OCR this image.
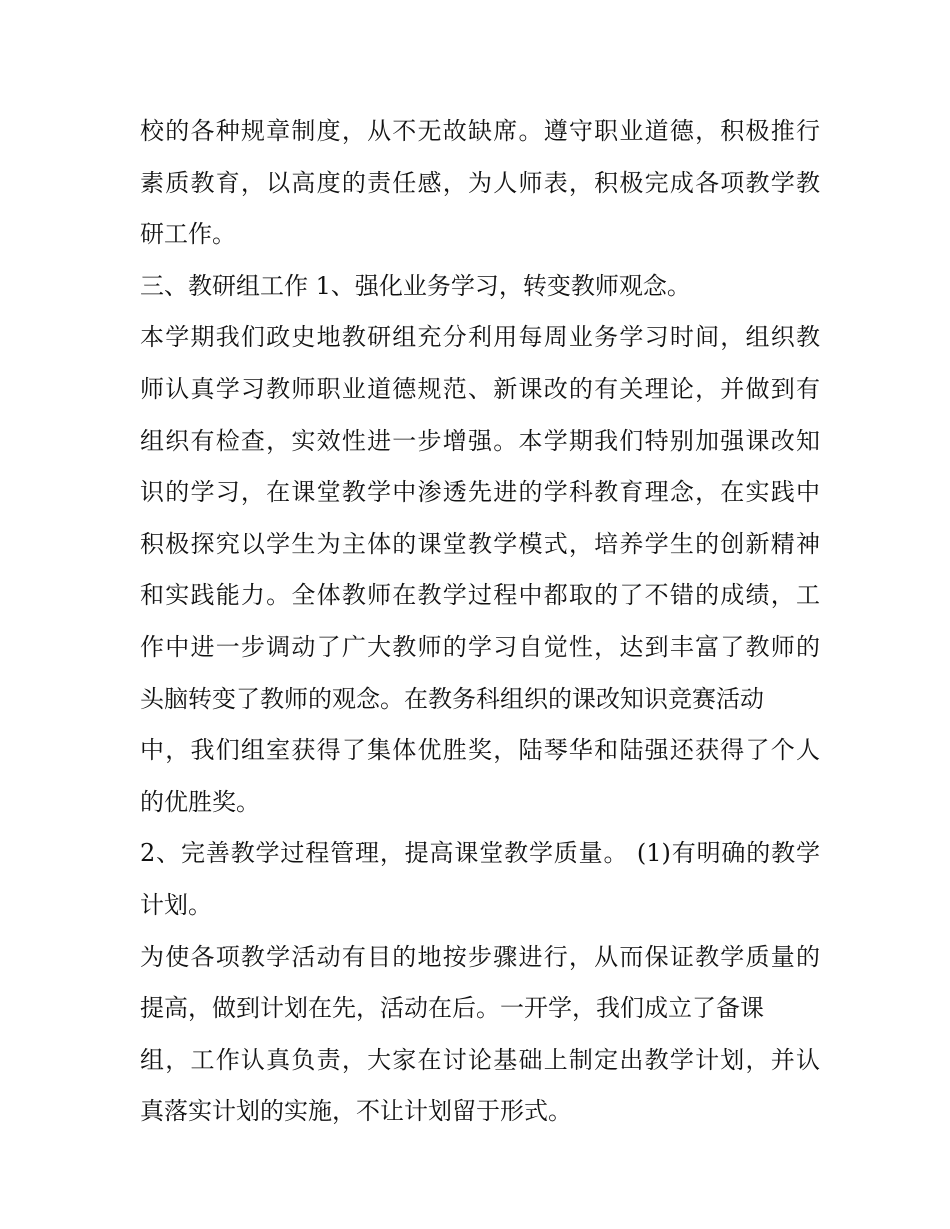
校的各种规章制度，从不无故缺席。遵守职业道德，积极推行
素质教育，以高度的责任感，为人师表，积极完成各项教学教
研工作。
三、教研组工作 1、强化业务学习，转变教师观念。
本学期我们政史地教研组充分利用每周业务学习时间，组织教
师认真学习教师职业道德规范、新课改的有关理论，并做到有
组织有检查，实效性进一步增强。本学期我们特别加强课改知
识的学习，在课堂教学中渗透先进的学科教育理念，在实践中
积极探究以学生为主体的课堂教学模式，培养学生的创新精神
和实践能力。全体教师在教学过程中都取的了不错的成绩，工
作中进一步调动了广大教师的学习自觉性，达到丰富了教师的
头脑转变了教师的观念。在教务科组织的课改知识竞赛活动
中，我们组室获得了集体优胜奖，陆琴华和陆强还获得了个人
的优胜奖。
2、完善教学过程管理，提高课堂教学质量。 (1)有明确的教学
计划。
为使各项教学活动有目的地按步骤进行，从而保证教学质量的
提高，做到计划在先，活动在后。一开学，我们成立了备课
组，工作认真负责，大家在讨论基础上制定出教学计划，并认
真落实计划的实施，不让计划留于形式。
